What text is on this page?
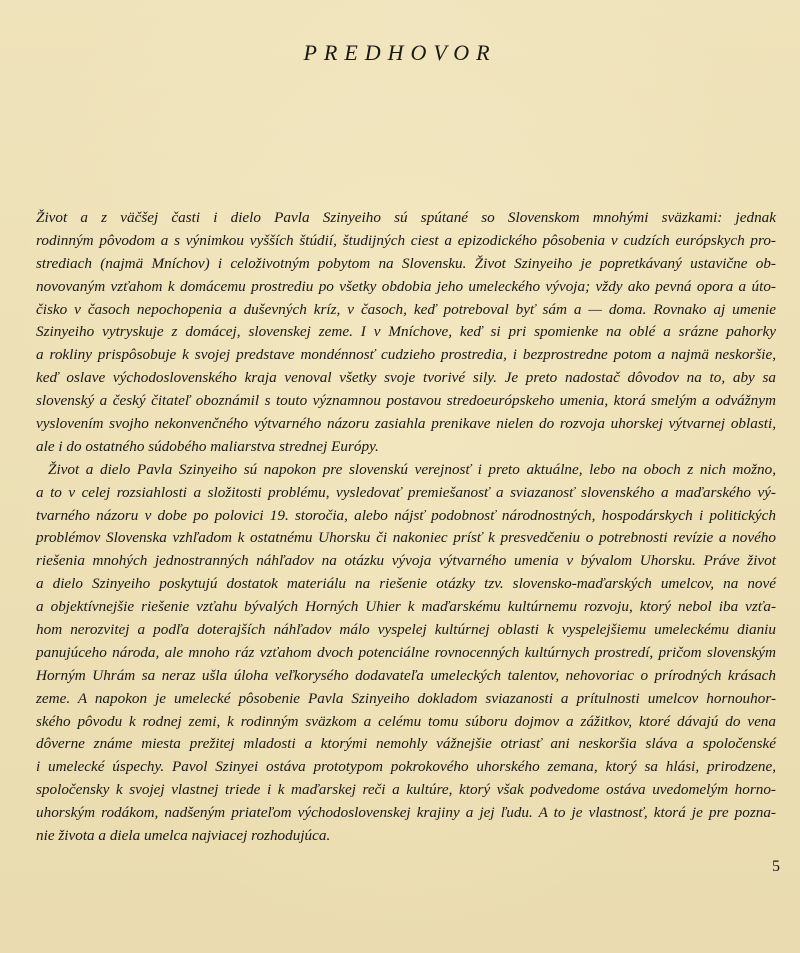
PREDHOVOR

Život a z väčšej časti i dielo Pavla Szinyeiho sú spútané so Slovenskom mnohými sväzkami: jednak
rodinným pôvodom a s výnimkou vyšších štúdií, študijných ciest a epizodického pôsobenia v cudzích európskych pro-
strediach (najmä Mníchov) i celoživotným pobytom na Slovensku. Život Szinyeiho je popretkávaný ustavične ob-
novovaným vzťahom k domácemu prostrediu po všetky obdobia jeho umeleckého vývoja; vždy ako pevná opora a úto-
čisko v časoch nepochopenia a duševných kríz, v časoch, keď potreboval byť sám a — doma. Rovnako aj umenie
Szinyeiho vytryskuje z domácej, slovenskej zeme. I v Mníchove, keď si pri spomienke na oblé a srázne pahorky
a rokliny prispôsobuje k svojej predstave mondénnosť cudzieho prostredia, i bezprostredne potom a najmä neskoršie,
keď oslave východoslovenského kraja venoval všetky svoje tvorivé sily. Je preto nadostač dôvodov na to, aby sa
slovenský a český čitateľ oboznámil s touto významnou postavou stredoeurópskeho umenia, ktorá smelým a odvážnym
vyslovením svojho nekonvenčného výtvarného názoru zasiahla prenikave nielen do rozvoja uhorskej výtvarnej oblasti,
ale i do ostatného súdobého maliarstva strednej Európy.

Život a dielo Pavla Szinyeiho sú napokon pre slovenskú verejnosť i preto aktuálne, lebo na oboch z nich možno,
a to v celej rozsiahlosti a složitosti problému, vysledovať premiešanosť a sviazanosť slovenského a maďarského vý-
tvarného názoru v dobe po polovici 19. storočia, alebo nájsť podobnosť národnostných, hospodárskych i politických
problémov Slovenska vzhľadom k ostatnému Uhorsku či nakoniec prísť k presvedčeniu o potrebnosti revízie a nového
riešenia mnohých jednostranných náhľadov na otázku vývoja výtvarného umenia v bývalom Uhorsku. Práve život
a dielo Szinyeiho poskytujú dostatok materiálu na riešenie otázky tzv. slovensko-maďarských umelcov, na nové
a objektívnejšie riešenie vzťahu bývalých Horných Uhier k maďarskému kultúrnemu rozvoju, ktorý nebol iba vzťa-
hom nerozvitej a podľa doterajších náhľadov málo vyspelej kultúrnej oblasti k vyspelejšiemu umeleckému dianiu
panujúceho národa, ale mnoho ráz vzťahom dvoch potenciálne rovnocenných kultúrnych prostredí, pričom slovenským
Horným Uhrám sa neraz ušla úloha veľkorysého dodavateľa umeleckých talentov, nehovoriac o prírodných krásach
zeme. A napokon je umelecké pôsobenie Pavla Szinyeiho dokladom sviazanosti a prítulnosti umelcov hornouhor-
ského pôvodu k rodnej zemi, k rodinným sväzkom a celému tomu súboru dojmov a zážitkov, ktoré dávajú do vena
dôverne známe miesta prežitej mladosti a ktorými nemohly vážnejšie otriasť ani neskoršia sláva a spoločenské
i umelecké úspechy. Pavol Szinyei ostáva prototypom pokrokového uhorského zemana, ktorý sa hlási, prirodzene,
spoločensky k svojej vlastnej triede i k maďarskej reči a kultúre, ktorý však podvedome ostáva uvedomelým horno-
uhorským rodákom, nadšeným priateľom východoslovenskej krajiny a jej ľudu. A to je vlastnosť, ktorá je pre pozna-
nie života a diela umelca najviacej rozhodujúca.

5
